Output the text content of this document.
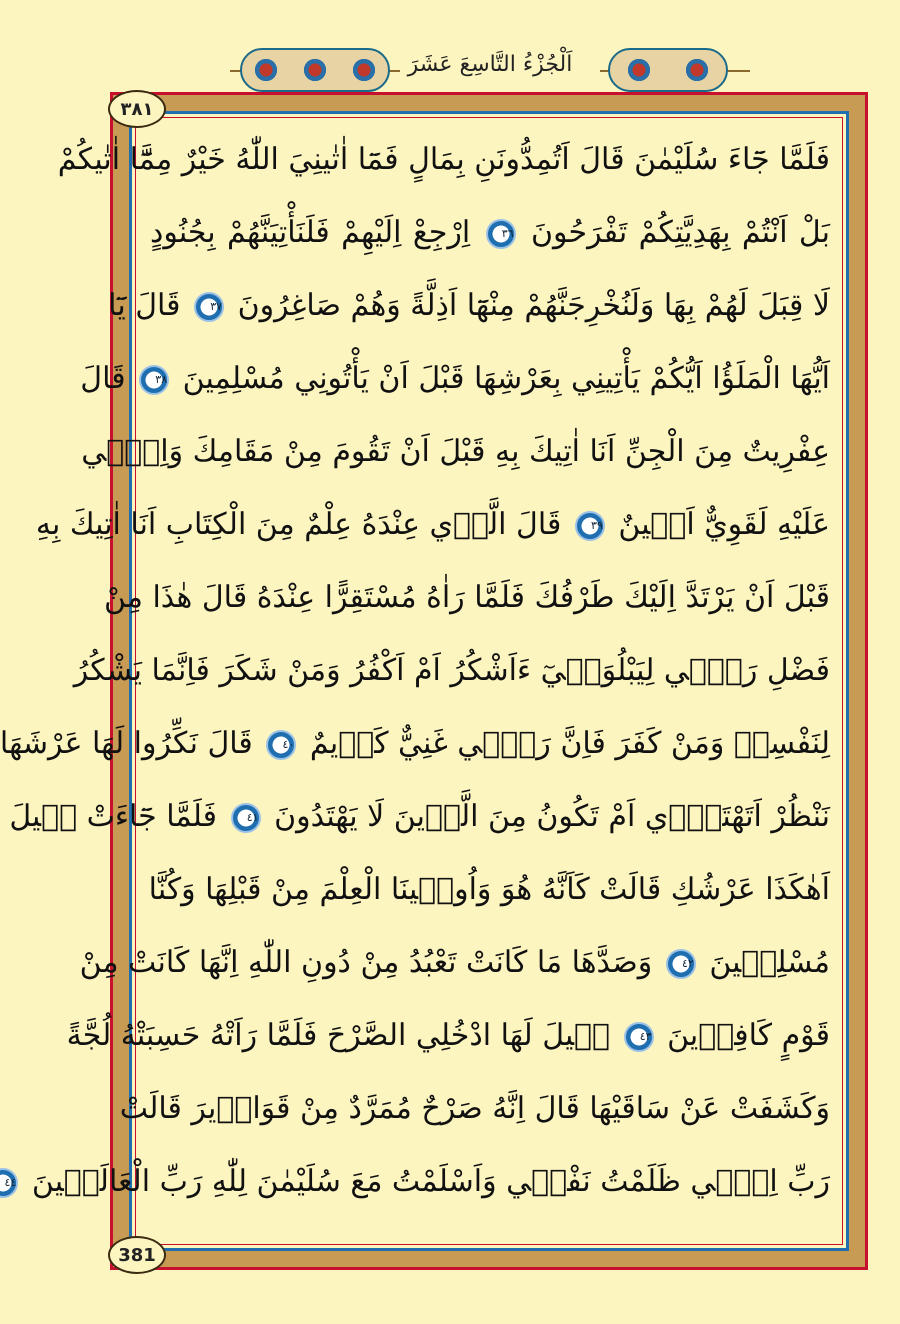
اَلْجُزْءُ التَّاسِعَ عَشَرَ
٣٨١
فَلَمَّا جَٓاءَ سُلَيْمٰنَ قَالَ اَتُمِدُّونَنِ بِمَالٍ فَمَٓا اٰتٰينِيَ اللّٰهُ خَيْرٌ مِمَّٓا اٰتٰيكُمْ
بَلْ اَنْتُمْ بِهَدِيَّتِكُمْ تَفْرَحُونَ ٣٦ اِرْجِعْ اِلَيْهِمْ فَلَنَأْتِيَنَّهُمْ بِجُنُودٍ
لَا قِبَلَ لَهُمْ بِهَا وَلَنُخْرِجَنَّهُمْ مِنْهَٓا اَذِلَّةً وَهُمْ صَاغِرُونَ ٣٧ قَالَ يَٓا
اَيُّهَا الْمَلَؤُا اَيُّكُمْ يَأْتِينِي بِعَرْشِهَا قَبْلَ اَنْ يَأْتُونِي مُسْلِمِينَ ٣٨ قَالَ
عِفْرِيتٌ مِنَ الْجِنِّ اَنَا اٰتِيكَ بِهِ قَبْلَ اَنْ تَقُومَ مِنْ مَقَامِكَ وَاِنّ۪ي
عَلَيْهِ لَقَوِيٌّ اَم۪ينٌ ٣٩ قَالَ الَّذ۪ي عِنْدَهُ عِلْمٌ مِنَ الْكِتَابِ اَنَا اٰتِيكَ بِهِ
قَبْلَ اَنْ يَرْتَدَّ اِلَيْكَ طَرْفُكَ فَلَمَّا رَاٰهُ مُسْتَقِرًّا عِنْدَهُ قَالَ هٰذَا مِنْ
فَضْلِ رَبّ۪ي لِيَبْلُوَن۪يٓ ءَاَشْكُرُ اَمْ اَكْفُرُ وَمَنْ شَكَرَ فَاِنَّمَا يَشْكُرُ
لِنَفْسِه۪ وَمَنْ كَفَرَ فَاِنَّ رَبّ۪ي غَنِيٌّ كَر۪يمٌ ٤٠ قَالَ نَكِّرُوا لَهَا عَرْشَهَا
نَنْظُرْ اَتَهْتَد۪ٓي اَمْ تَكُونُ مِنَ الَّذ۪ينَ لَا يَهْتَدُونَ ٤١ فَلَمَّا جَٓاءَتْ ق۪يلَ
اَهٰكَذَا عَرْشُكِ قَالَتْ كَاَنَّهُ هُوَ وَاُوت۪ينَا الْعِلْمَ مِنْ قَبْلِهَا وَكُنَّا
مُسْلِم۪ينَ ٤٢ وَصَدَّهَا مَا كَانَتْ تَعْبُدُ مِنْ دُونِ اللّٰهِ اِنَّهَا كَانَتْ مِنْ
قَوْمٍ كَافِر۪ينَ ٤٣ ق۪يلَ لَهَا ادْخُلِي الصَّرْحَ فَلَمَّا رَاَتْهُ حَسِبَتْهُ لُجَّةً
وَكَشَفَتْ عَنْ سَاقَيْهَا قَالَ اِنَّهُ صَرْحٌ مُمَرَّدٌ مِنْ قَوَار۪يرَ قَالَتْ
رَبِّ اِنّ۪ي ظَلَمْتُ نَفْس۪ي وَاَسْلَمْتُ مَعَ سُلَيْمٰنَ لِلّٰهِ رَبِّ الْعَالَم۪ينَ ٤٤
381
